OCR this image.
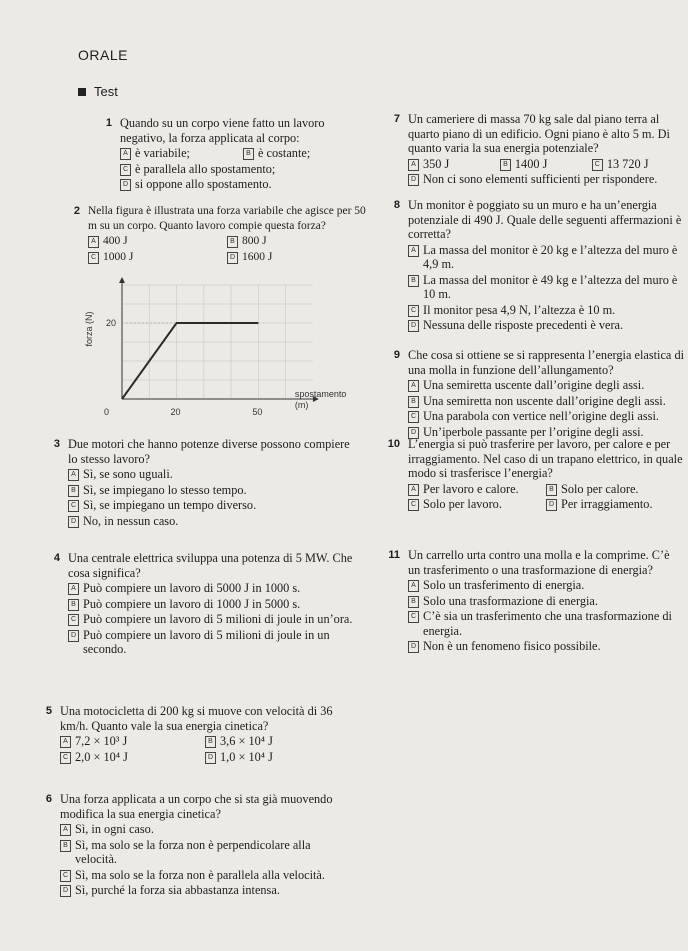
ORALE
Test
1 Quando su un corpo viene fatto un lavoro negativo, la forza applicata al corpo:
A è variabile;	B è costante;
C è parallela allo spostamento;
D si oppone allo spostamento.
2 Nella figura è illustrata una forza variabile che agisce per 50 m su un corpo. Quanto lavoro compie questa forza?
A 400 J	B 800 J
C 1000 J	D 1600 J
0	20	50
20
forza (N)
spostamento
(m)
3 Due motori che hanno potenze diverse possono compiere lo stesso lavoro?
A Sì, se sono uguali.
B Sì, se impiegano lo stesso tempo.
C Sì, se impiegano un tempo diverso.
D No, in nessun caso.
4 Una centrale elettrica sviluppa una potenza di 5 MW. Che cosa significa?
A Può compiere un lavoro di 5000 J in 1000 s.
B Può compiere un lavoro di 1000 J in 5000 s.
C Può compiere un lavoro di 5 milioni di joule in un’ora.
D Può compiere un lavoro di 5 milioni di joule in un secondo.
5 Una motocicletta di 200 kg si muove con velocità di 36 km/h. Quanto vale la sua energia cinetica?
A 7,2 × 10³ J	B 3,6 × 10⁴ J
C 2,0 × 10⁴ J	D 1,0 × 10⁴ J
6 Una forza applicata a un corpo che si sta già muovendo modifica la sua energia cinetica?
A Sì, in ogni caso.
B Sì, ma solo se la forza non è perpendicolare alla velocità.
C Sì, ma solo se la forza non è parallela alla velocità.
D Sì, purché la forza sia abbastanza intensa.
7 Un cameriere di massa 70 kg sale dal piano terra al quarto piano di un edificio. Ogni piano è alto 5 m. Di quanto varia la sua energia potenziale?
A 350 J	B 1400 J	C 13 720 J
D Non ci sono elementi sufficienti per rispondere.
8 Un monitor è poggiato su un muro e ha un’energia potenziale di 490 J. Quale delle seguenti affermazioni è corretta?
A La massa del monitor è 20 kg e l’altezza del muro è 4,9 m.
B La massa del monitor è 49 kg e l’altezza del muro è 10 m.
C Il monitor pesa 4,9 N, l’altezza è 10 m.
D Nessuna delle risposte precedenti è vera.
9 Che cosa si ottiene se si rappresenta l’energia elastica di una molla in funzione dell’allungamento?
A Una semiretta uscente dall’origine degli assi.
B Una semiretta non uscente dall’origine degli assi.
C Una parabola con vertice nell’origine degli assi.
D Un’iperbole passante per l’origine degli assi.
10 L’energia si può trasferire per lavoro, per calore e per irraggiamento. Nel caso di un trapano elettrico, in quale modo si trasferisce l’energia?
A Per lavoro e calore.	B Solo per calore.
C Solo per lavoro.	D Per irraggiamento.
11 Un carrello urta contro una molla e la comprime. C’è un trasferimento o una trasformazione di energia?
A Solo un trasferimento di energia.
B Solo una trasformazione di energia.
C C’è sia un trasferimento che una trasformazione di energia.
D Non è un fenomeno fisico possibile.
